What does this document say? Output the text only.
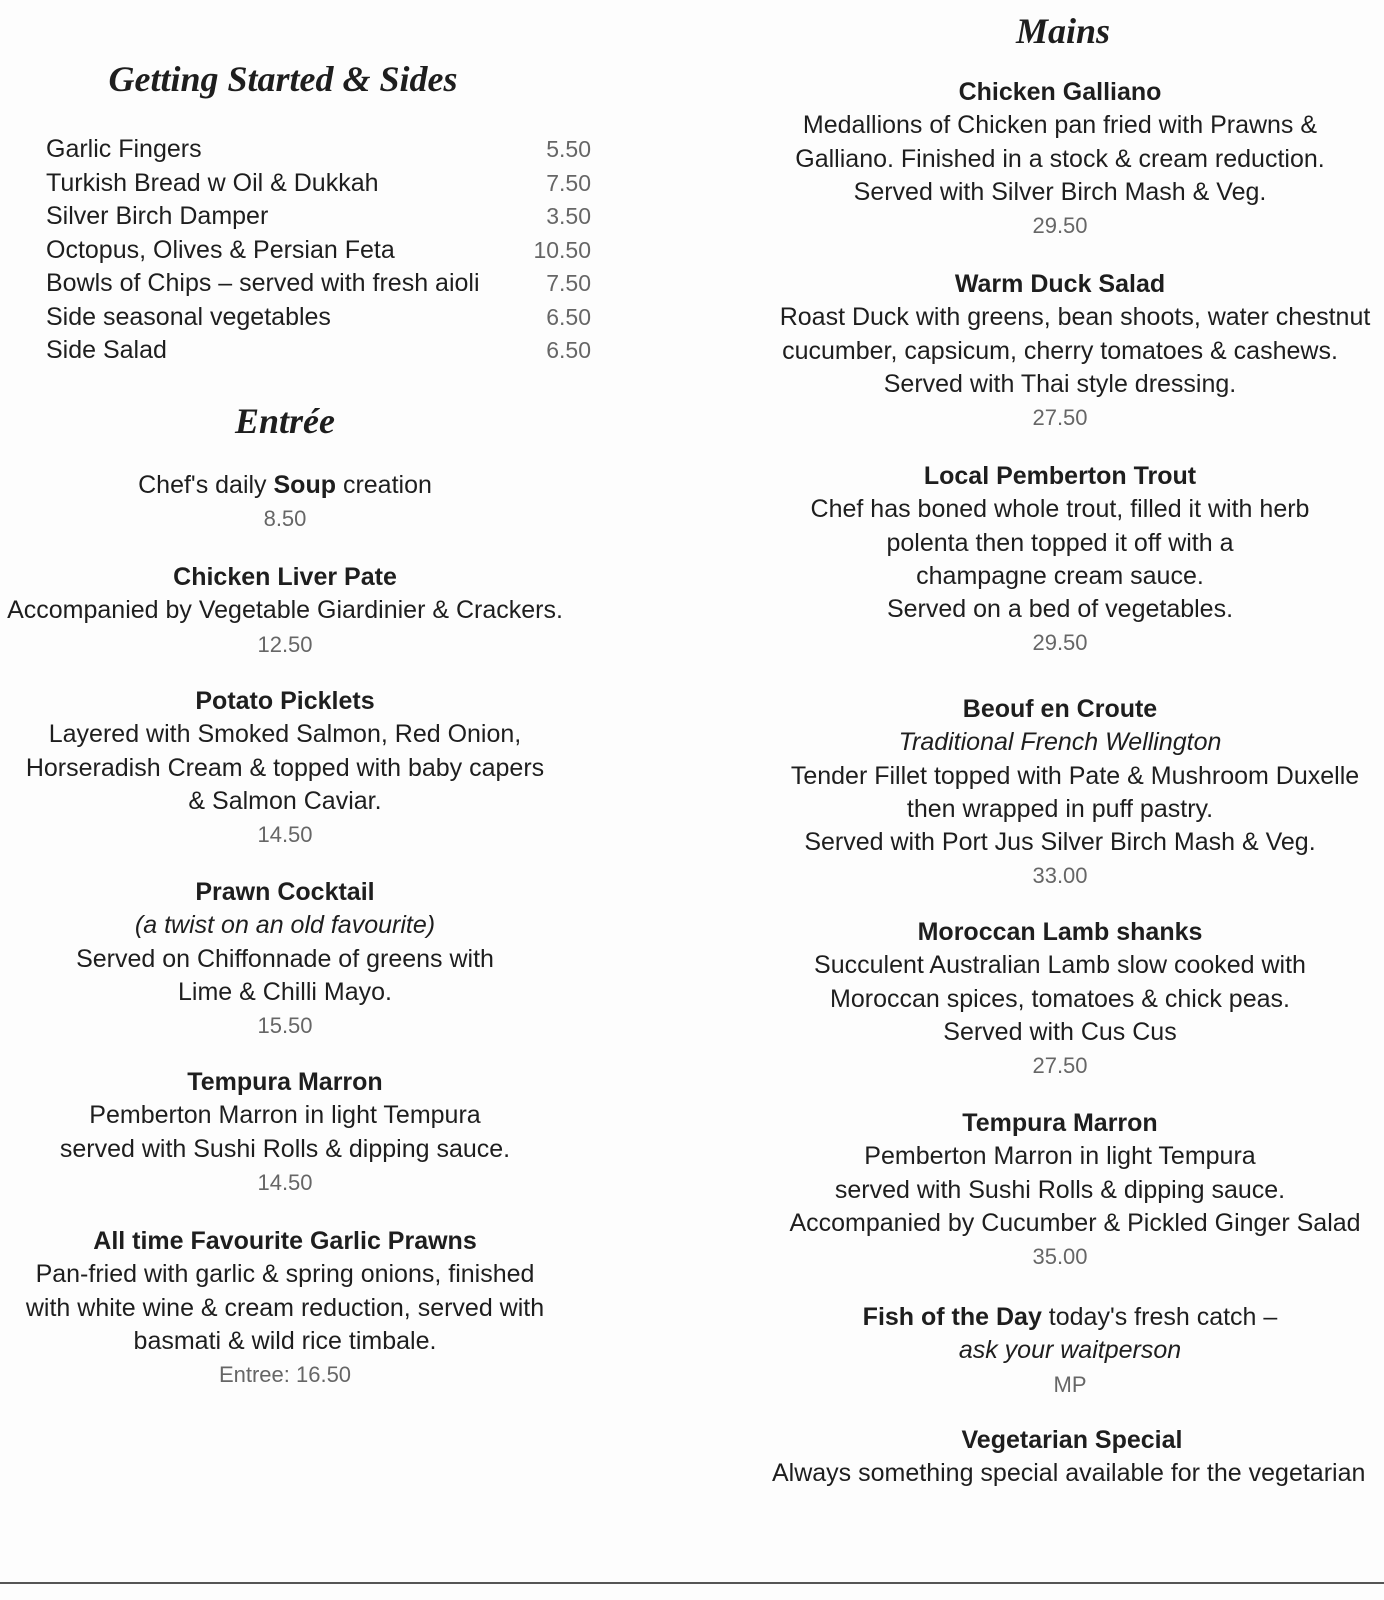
Getting Started & Sides
Garlic Fingers	5.50
Turkish Bread w Oil & Dukkah	7.50
Silver Birch Damper	3.50
Octopus, Olives & Persian Feta	10.50
Bowls of Chips – served with fresh aioli	7.50
Side seasonal vegetables	6.50
Side Salad	6.50
Entrée
Chef's daily Soup creation
8.50
Chicken Liver Pate
Accompanied by Vegetable Giardinier & Crackers.
12.50
Potato Picklets
Layered with Smoked Salmon, Red Onion,
Horseradish Cream & topped with baby capers
& Salmon Caviar.
14.50
Prawn Cocktail
(a twist on an old favourite)
Served on Chiffonnade of greens with
Lime & Chilli Mayo.
15.50
Tempura Marron
Pemberton Marron in light Tempura
served with Sushi Rolls & dipping sauce.
14.50
All time Favourite Garlic Prawns
Pan-fried with garlic & spring onions, finished
with white wine & cream reduction, served with
basmati & wild rice timbale.
Entree: 16.50
Mains
Chicken Galliano
Medallions of Chicken pan fried with Prawns &
Galliano. Finished in a stock & cream reduction.
Served with Silver Birch Mash & Veg.
29.50
Warm Duck Salad
Roast Duck with greens, bean shoots, water chestnut
cucumber, capsicum, cherry tomatoes & cashews.
Served with Thai style dressing.
27.50
Local Pemberton Trout
Chef has boned whole trout, filled it with herb
polenta then topped it off with a
champagne cream sauce.
Served on a bed of vegetables.
29.50
Beouf en Croute
Traditional French Wellington
Tender Fillet topped with Pate & Mushroom Duxelle
then wrapped in puff pastry.
Served with Port Jus Silver Birch Mash & Veg.
33.00
Moroccan Lamb shanks
Succulent Australian Lamb slow cooked with
Moroccan spices, tomatoes & chick peas.
Served with Cus Cus
27.50
Tempura Marron
Pemberton Marron in light Tempura
served with Sushi Rolls & dipping sauce.
Accompanied by Cucumber & Pickled Ginger Salad
35.00
Fish of the Day today's fresh catch –
ask your waitperson
MP
Vegetarian Special
Always something special available for the vegetarian
